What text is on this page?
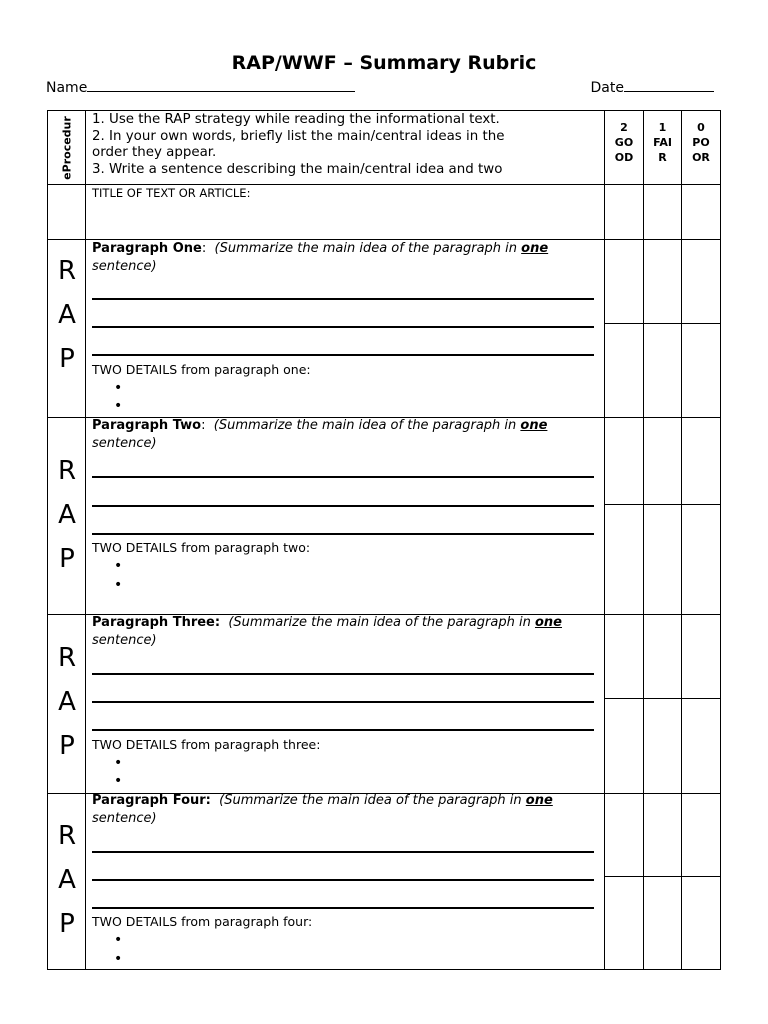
RAP/WWF – Summary Rubric
Name	Date
eProcedur 1. Use the RAP strategy while reading the informational text.
2. In your own words, briefly list the main/central ideas in the
order they appear.
3. Write a sentence describing the main/central idea and two
2
GO
OD
1
FAI
R
0
PO
OR
TITLE OF TEXT OR ARTICLE:
R
A
P
Paragraph One: (Summarize the main idea of the paragraph in one
sentence)
TWO DETAILS from paragraph one:
•
•
R
A
P
Paragraph Two: (Summarize the main idea of the paragraph in one
sentence)
TWO DETAILS from paragraph two:
•
•
R
A
P
Paragraph Three: (Summarize the main idea of the paragraph in one
sentence)
TWO DETAILS from paragraph three:
•
•
R
A
P
Paragraph Four: (Summarize the main idea of the paragraph in one
sentence)
TWO DETAILS from paragraph four:
•
•
